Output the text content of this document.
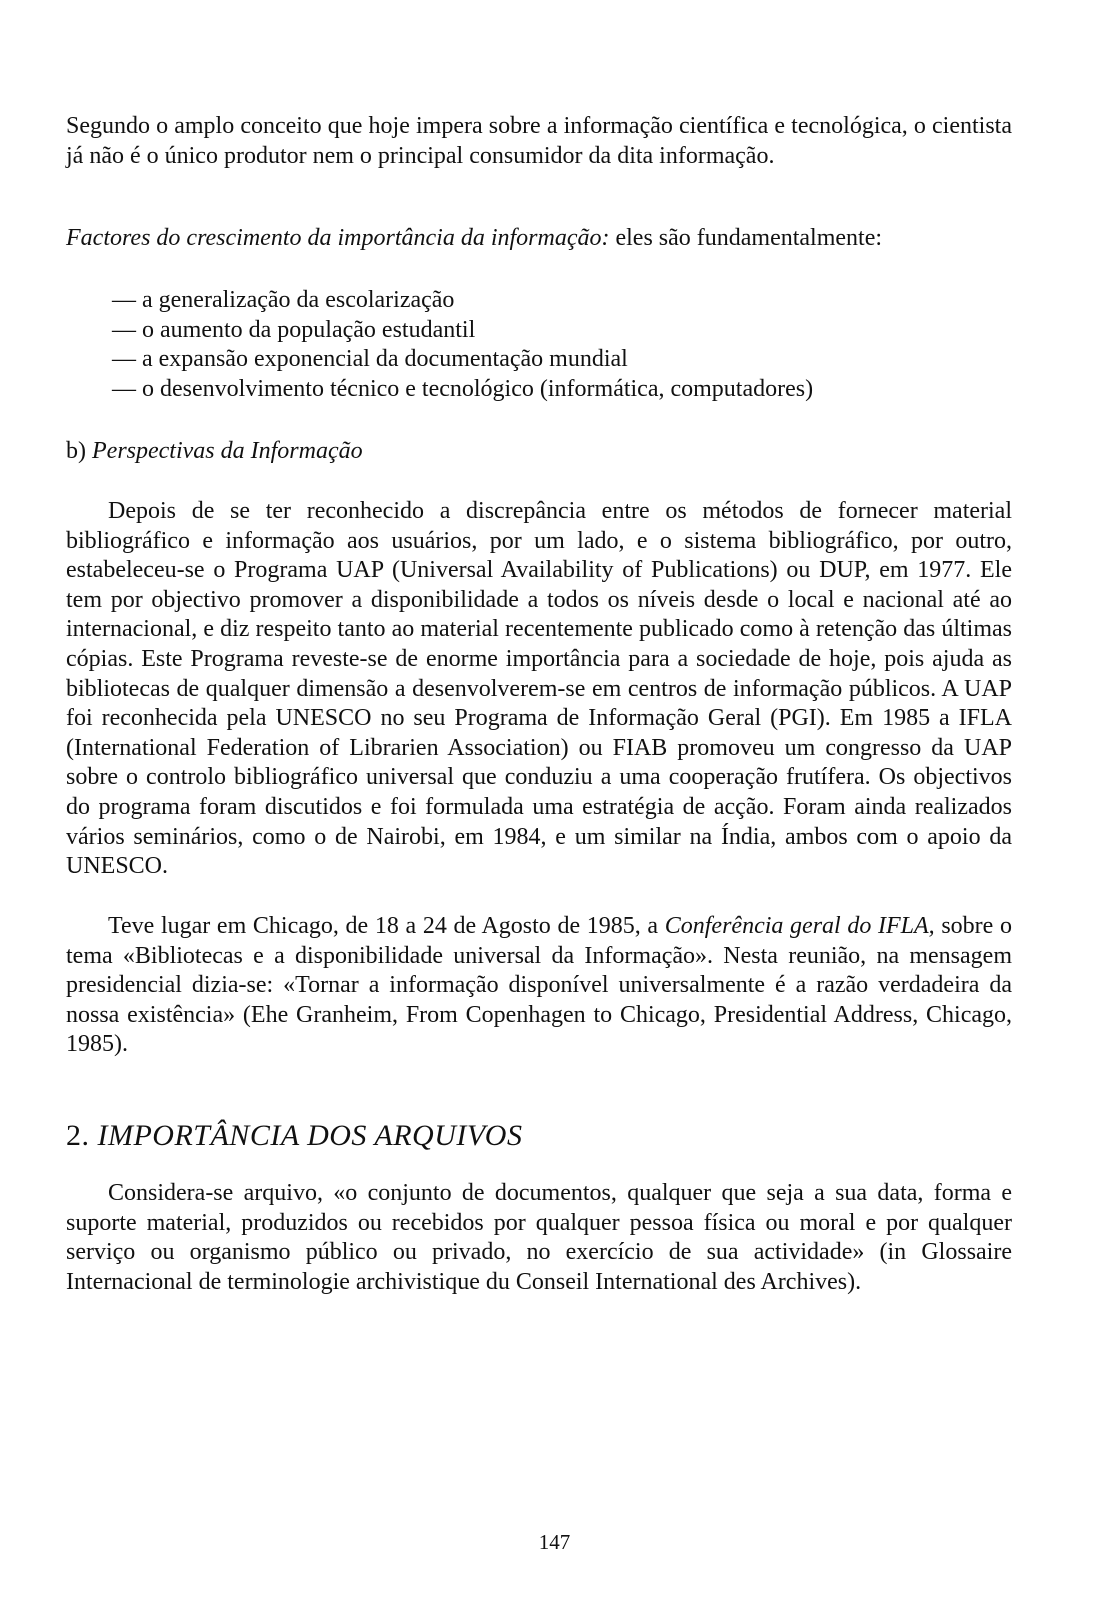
Segundo o amplo conceito que hoje impera sobre a informação científica e tecnológica, o cientista já não é o único produtor nem o principal consumidor da dita informação.

Factores do crescimento da importância da informação: eles são fundamentalmente:

— a generalização da escolarização
— o aumento da população estudantil
— a expansão exponencial da documentação mundial
— o desenvolvimento técnico e tecnológico (informática, computadores)

b) Perspectivas da Informação

Depois de se ter reconhecido a discrepância entre os métodos de fornecer material bibliográfico e informação aos usuários, por um lado, e o sistema bibliográfico, por outro, estabeleceu-se o Programa UAP (Universal Availability of Publications) ou DUP, em 1977. Ele tem por objectivo promover a disponibilidade a todos os níveis desde o local e nacional até ao internacional, e diz respeito tanto ao material recentemente publicado como à retenção das últimas cópias. Este Programa reveste-se de enorme importância para a sociedade de hoje, pois ajuda as bibliotecas de qualquer dimensão a desenvolverem-se em centros de informação públicos. A UAP foi reconhecida pela UNESCO no seu Programa de Informação Geral (PGI). Em 1985 a IFLA (International Federation of Librarien Association) ou FIAB promoveu um congresso da UAP sobre o controlo bibliográfico universal que conduziu a uma cooperação frutífera. Os objectivos do programa foram discutidos e foi formulada uma estratégia de acção. Foram ainda realizados vários seminários, como o de Nairobi, em 1984, e um similar na Índia, ambos com o apoio da UNESCO.

Teve lugar em Chicago, de 18 a 24 de Agosto de 1985, a Conferência geral do IFLA, sobre o tema «Bibliotecas e a disponibilidade universal da Informação». Nesta reunião, na mensagem presidencial dizia-se: «Tornar a informação disponível universalmente é a razão verdadeira da nossa existência» (Ehe Granheim, From Copenhagen to Chicago, Presidential Address, Chicago, 1985).

2. IMPORTÂNCIA DOS ARQUIVOS

Considera-se arquivo, «o conjunto de documentos, qualquer que seja a sua data, forma e suporte material, produzidos ou recebidos por qualquer pessoa física ou moral e por qualquer serviço ou organismo público ou privado, no exercício de sua actividade» (in Glossaire Internacional de terminologie archivistique du Conseil International des Archives).

147
